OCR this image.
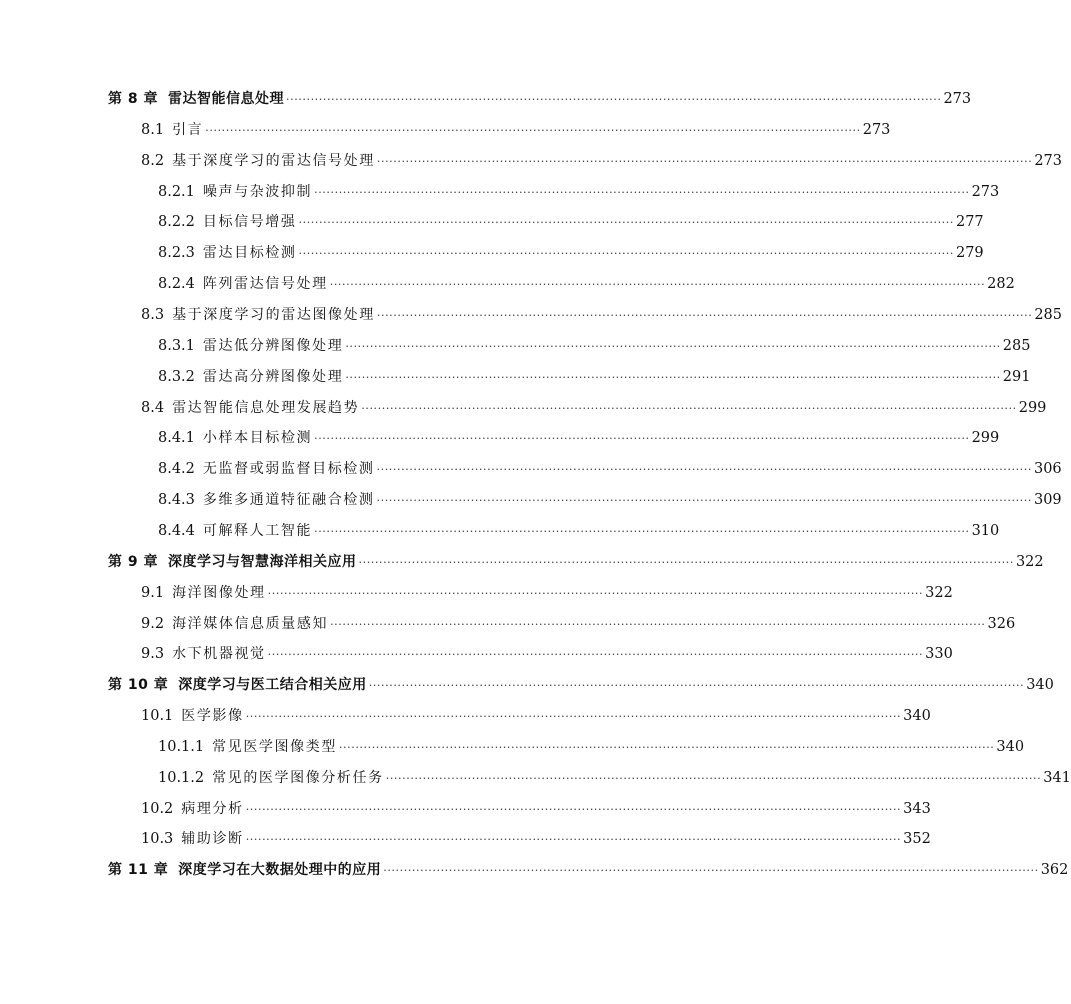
第 8 章 雷达智能信息处理 ................................................................................................................................................................ 273
8.1 引言 ................................................................................................................................................................ 273
8.2 基于深度学习的雷达信号处理 ................................................................................................................................................................ 273
8.2.1 噪声与杂波抑制 ................................................................................................................................................................ 273
8.2.2 目标信号增强 ................................................................................................................................................................ 277
8.2.3 雷达目标检测 ................................................................................................................................................................ 279
8.2.4 阵列雷达信号处理 ................................................................................................................................................................ 282
8.3 基于深度学习的雷达图像处理 ................................................................................................................................................................ 285
8.3.1 雷达低分辨图像处理 ................................................................................................................................................................ 285
8.3.2 雷达高分辨图像处理 ................................................................................................................................................................ 291
8.4 雷达智能信息处理发展趋势 ................................................................................................................................................................ 299
8.4.1 小样本目标检测 ................................................................................................................................................................ 299
8.4.2 无监督或弱监督目标检测 ................................................................................................................................................................ 306
8.4.3 多维多通道特征融合检测 ................................................................................................................................................................ 309
8.4.4 可解释人工智能 ................................................................................................................................................................ 310
第 9 章 深度学习与智慧海洋相关应用 ................................................................................................................................................................ 322
9.1 海洋图像处理 ................................................................................................................................................................ 322
9.2 海洋媒体信息质量感知 ................................................................................................................................................................ 326
9.3 水下机器视觉 ................................................................................................................................................................ 330
第 10 章 深度学习与医工结合相关应用 ................................................................................................................................................................ 340
10.1 医学影像 ................................................................................................................................................................ 340
10.1.1 常见医学图像类型 ................................................................................................................................................................ 340
10.1.2 常见的医学图像分析任务 ................................................................................................................................................................ 341
10.2 病理分析 ................................................................................................................................................................ 343
10.3 辅助诊断 ................................................................................................................................................................ 352
第 11 章 深度学习在大数据处理中的应用 ................................................................................................................................................................ 362
